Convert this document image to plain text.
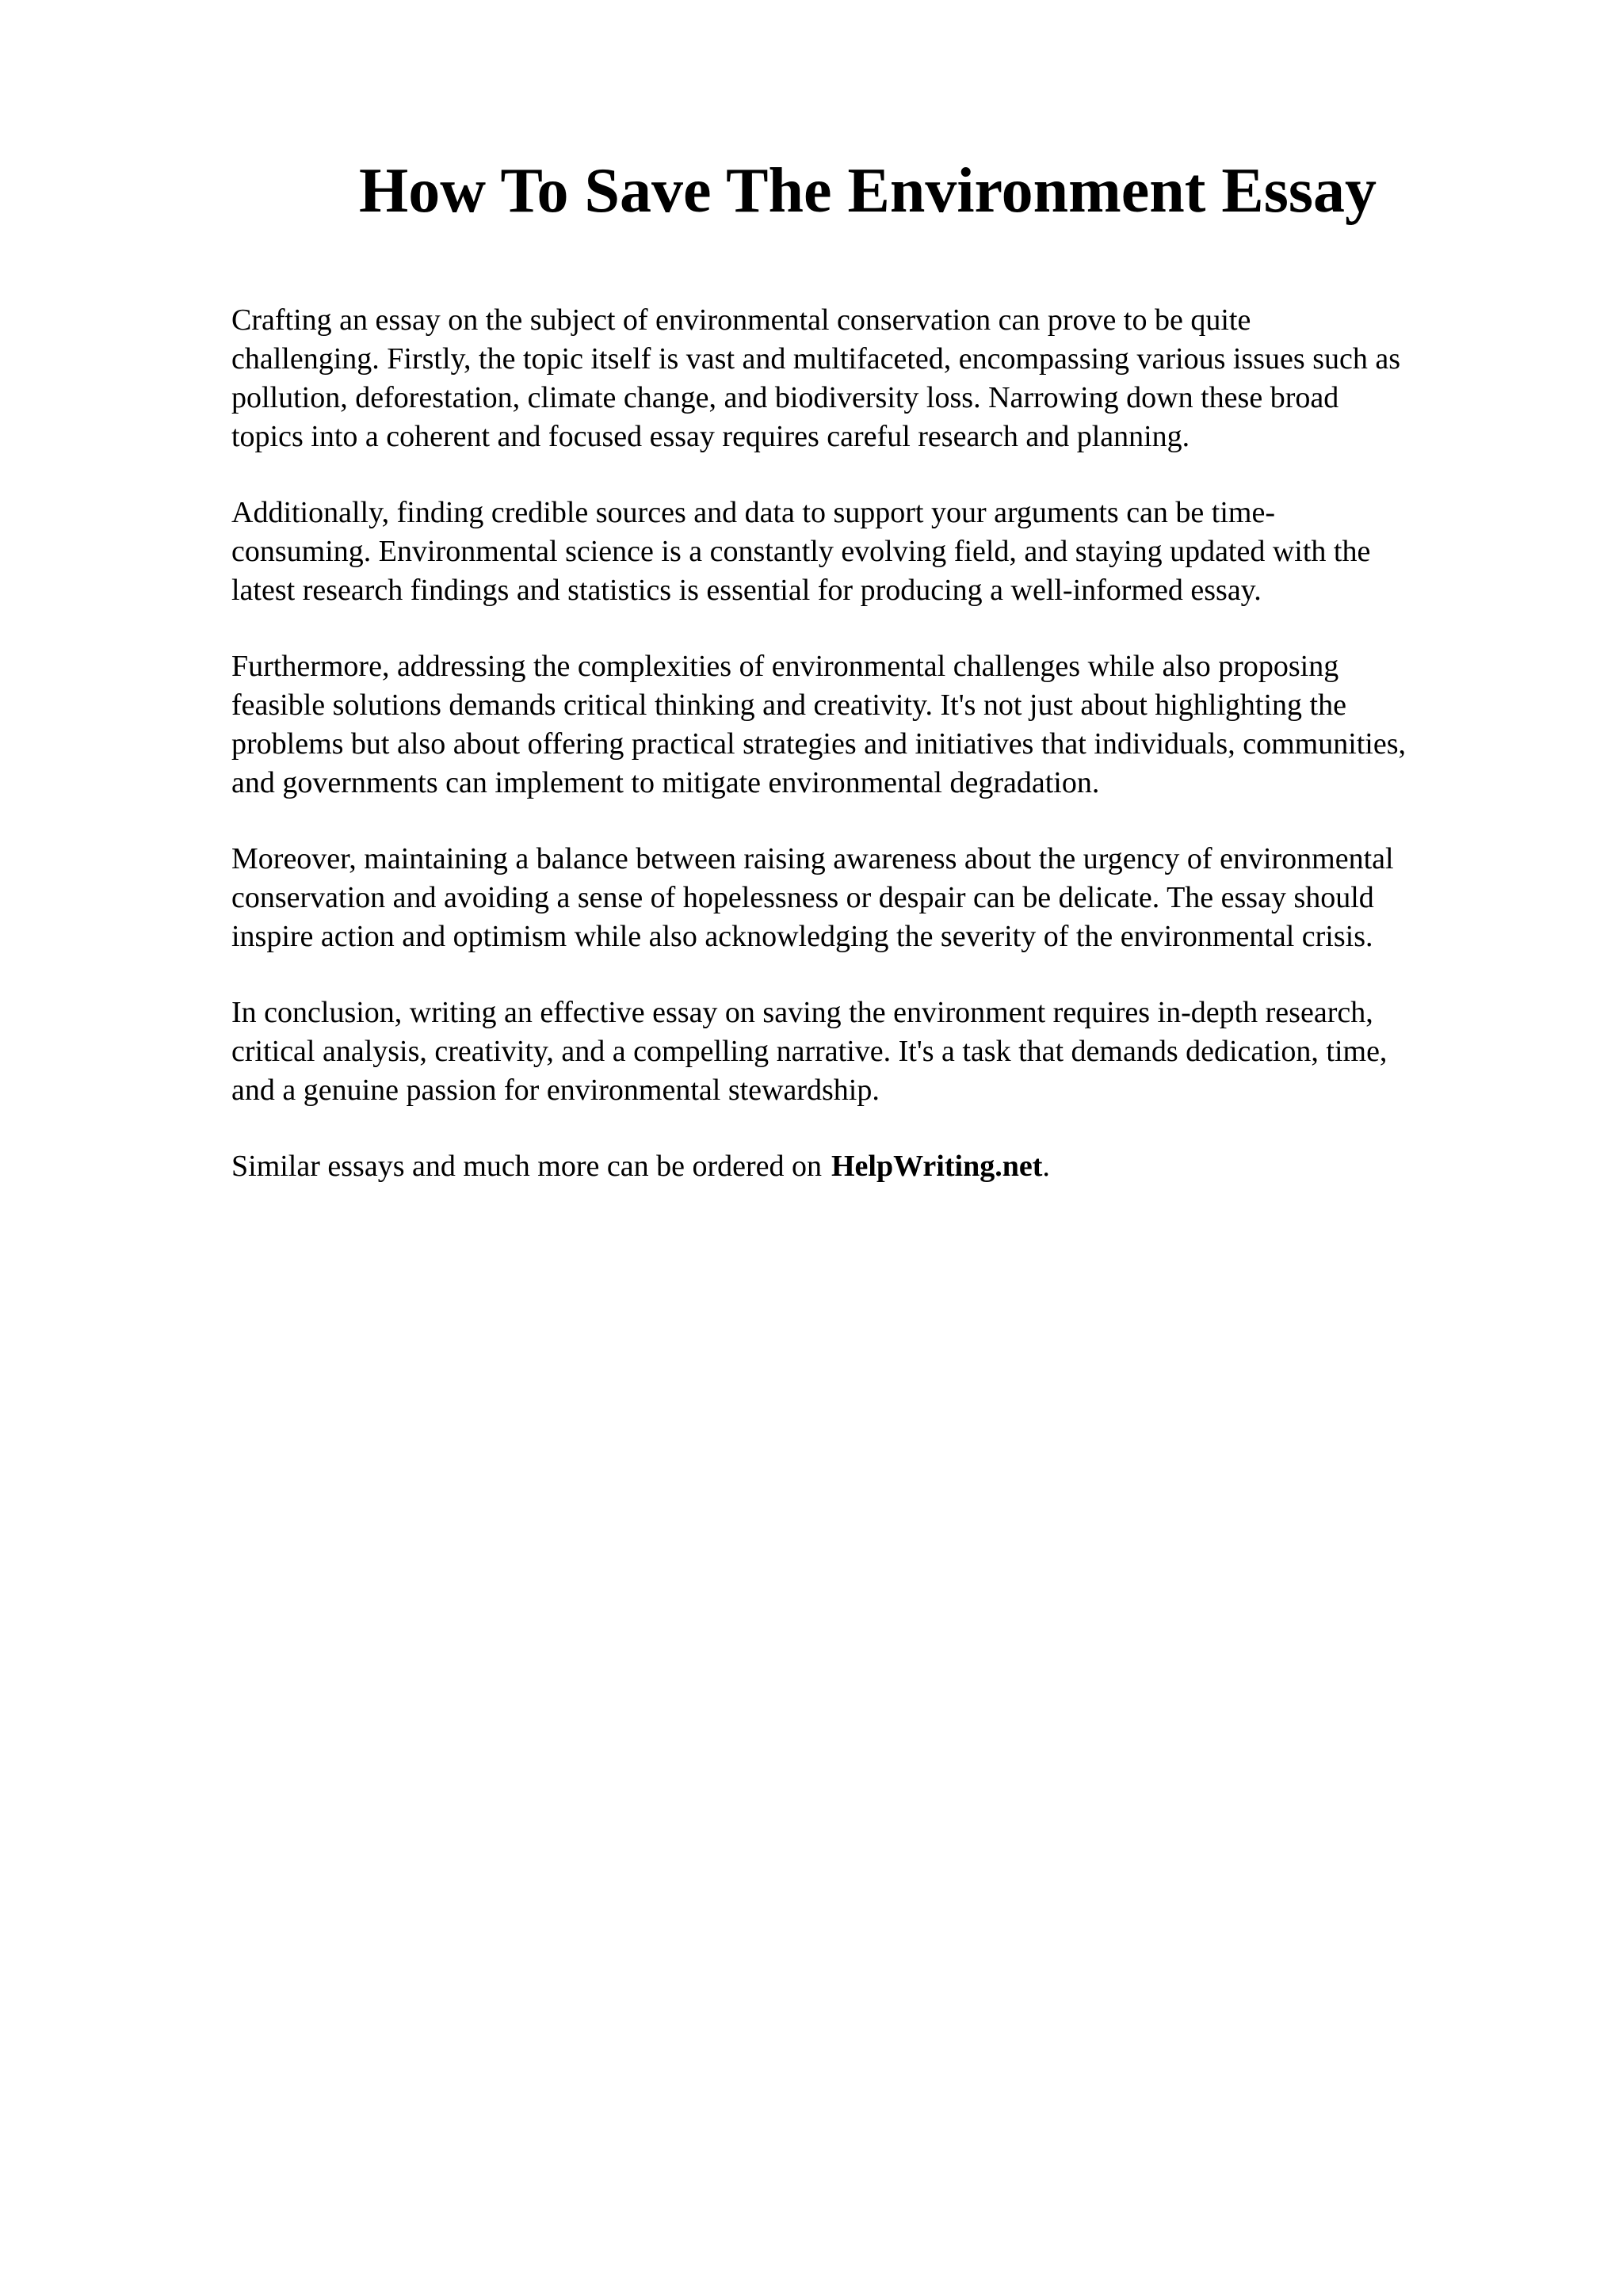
How To Save The Environment Essay

Crafting an essay on the subject of environmental conservation can prove to be quite
challenging. Firstly, the topic itself is vast and multifaceted, encompassing various issues such as
pollution, deforestation, climate change, and biodiversity loss. Narrowing down these broad
topics into a coherent and focused essay requires careful research and planning.

Additionally, finding credible sources and data to support your arguments can be time-
consuming. Environmental science is a constantly evolving field, and staying updated with the
latest research findings and statistics is essential for producing a well-informed essay.

Furthermore, addressing the complexities of environmental challenges while also proposing
feasible solutions demands critical thinking and creativity. It's not just about highlighting the
problems but also about offering practical strategies and initiatives that individuals, communities,
and governments can implement to mitigate environmental degradation.

Moreover, maintaining a balance between raising awareness about the urgency of environmental
conservation and avoiding a sense of hopelessness or despair can be delicate. The essay should
inspire action and optimism while also acknowledging the severity of the environmental crisis.

In conclusion, writing an effective essay on saving the environment requires in-depth research,
critical analysis, creativity, and a compelling narrative. It's a task that demands dedication, time,
and a genuine passion for environmental stewardship.

Similar essays and much more can be ordered on HelpWriting.net.
